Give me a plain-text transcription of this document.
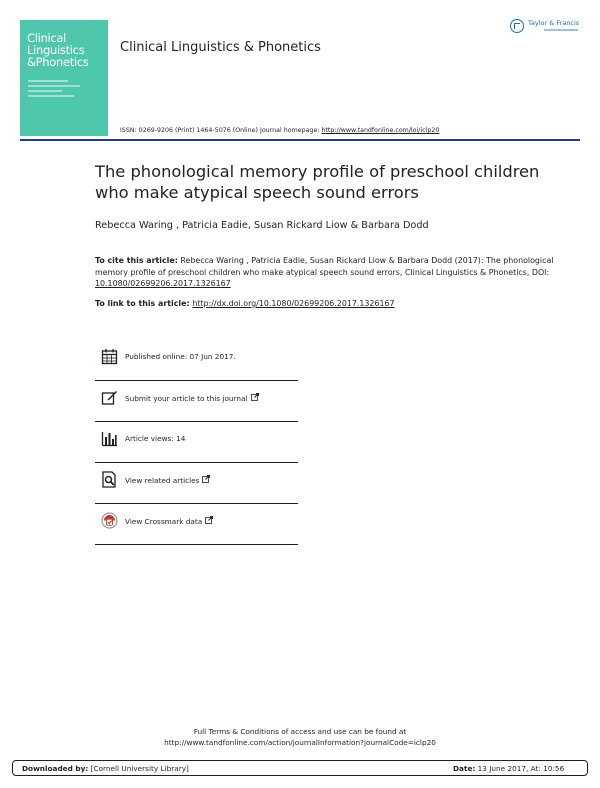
Clinical
Linguistics
&Phonetics
Clinical Linguistics & Phonetics
Taylor & Francis
ISSN: 0269-9206 (Print) 1464-5076 (Online) Journal homepage: http://www.tandfonline.com/loi/iclp20
The phonological memory profile of preschool children who make atypical speech sound errors
Rebecca Waring , Patricia Eadie, Susan Rickard Liow & Barbara Dodd
To cite this article: Rebecca Waring , Patricia Eadie, Susan Rickard Liow & Barbara Dodd (2017): The phonological memory profile of preschool children who make atypical speech sound errors, Clinical Linguistics & Phonetics, DOI: 10.1080/02699206.2017.1326167
To link to this article: http://dx.doi.org/10.1080/02699206.2017.1326167
Published online: 07 Jun 2017.
Submit your article to this journal
Article views: 14
View related articles
View Crossmark data
Full Terms & Conditions of access and use can be found at
http://www.tandfonline.com/action/journalInformation?journalCode=iclp20
Downloaded by: [Cornell University Library]	Date: 13 June 2017, At: 10:56
